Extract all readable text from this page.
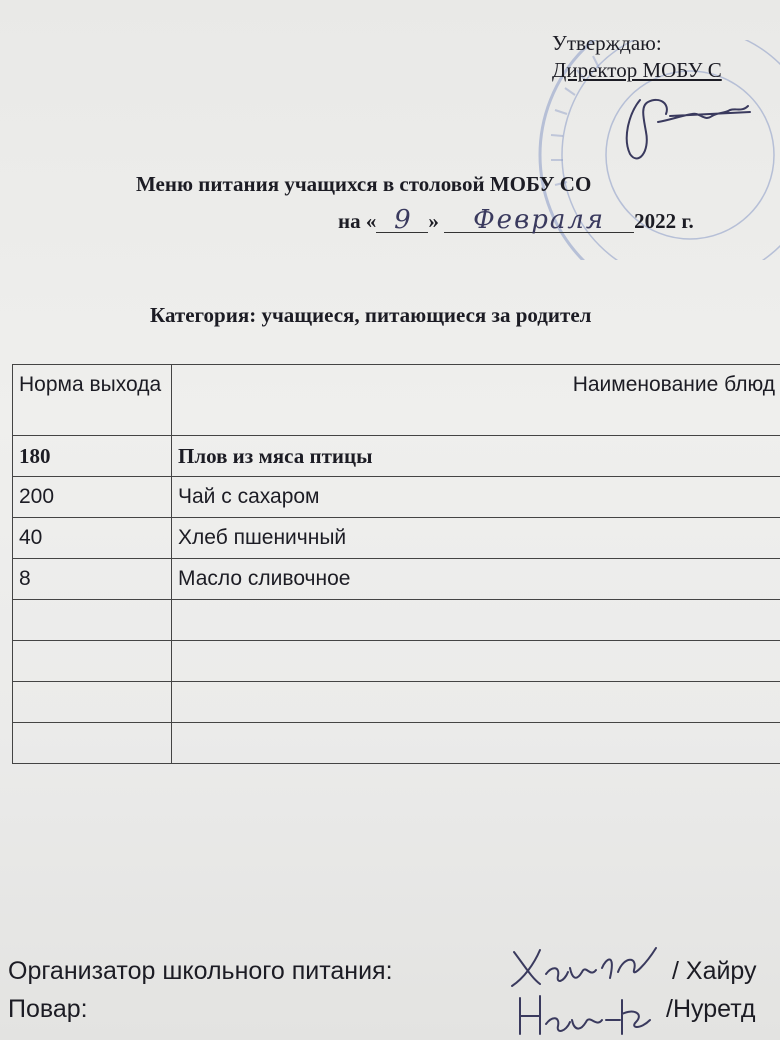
Утверждаю:
Директор МОБУ С
Меню питания учащихся в столовой МОБУ СО
на « 9 » Февраля 2022 г.
Категория: учащиеся, питающиеся за родител
Норма выхода	Наименование блюд
180	Плов из мяса птицы
200	Чай с сахаром
40	Хлеб пшеничный
8	Масло сливочное

Организатор школьного питания:	/ Хайру
Повар:	/Нуретд
